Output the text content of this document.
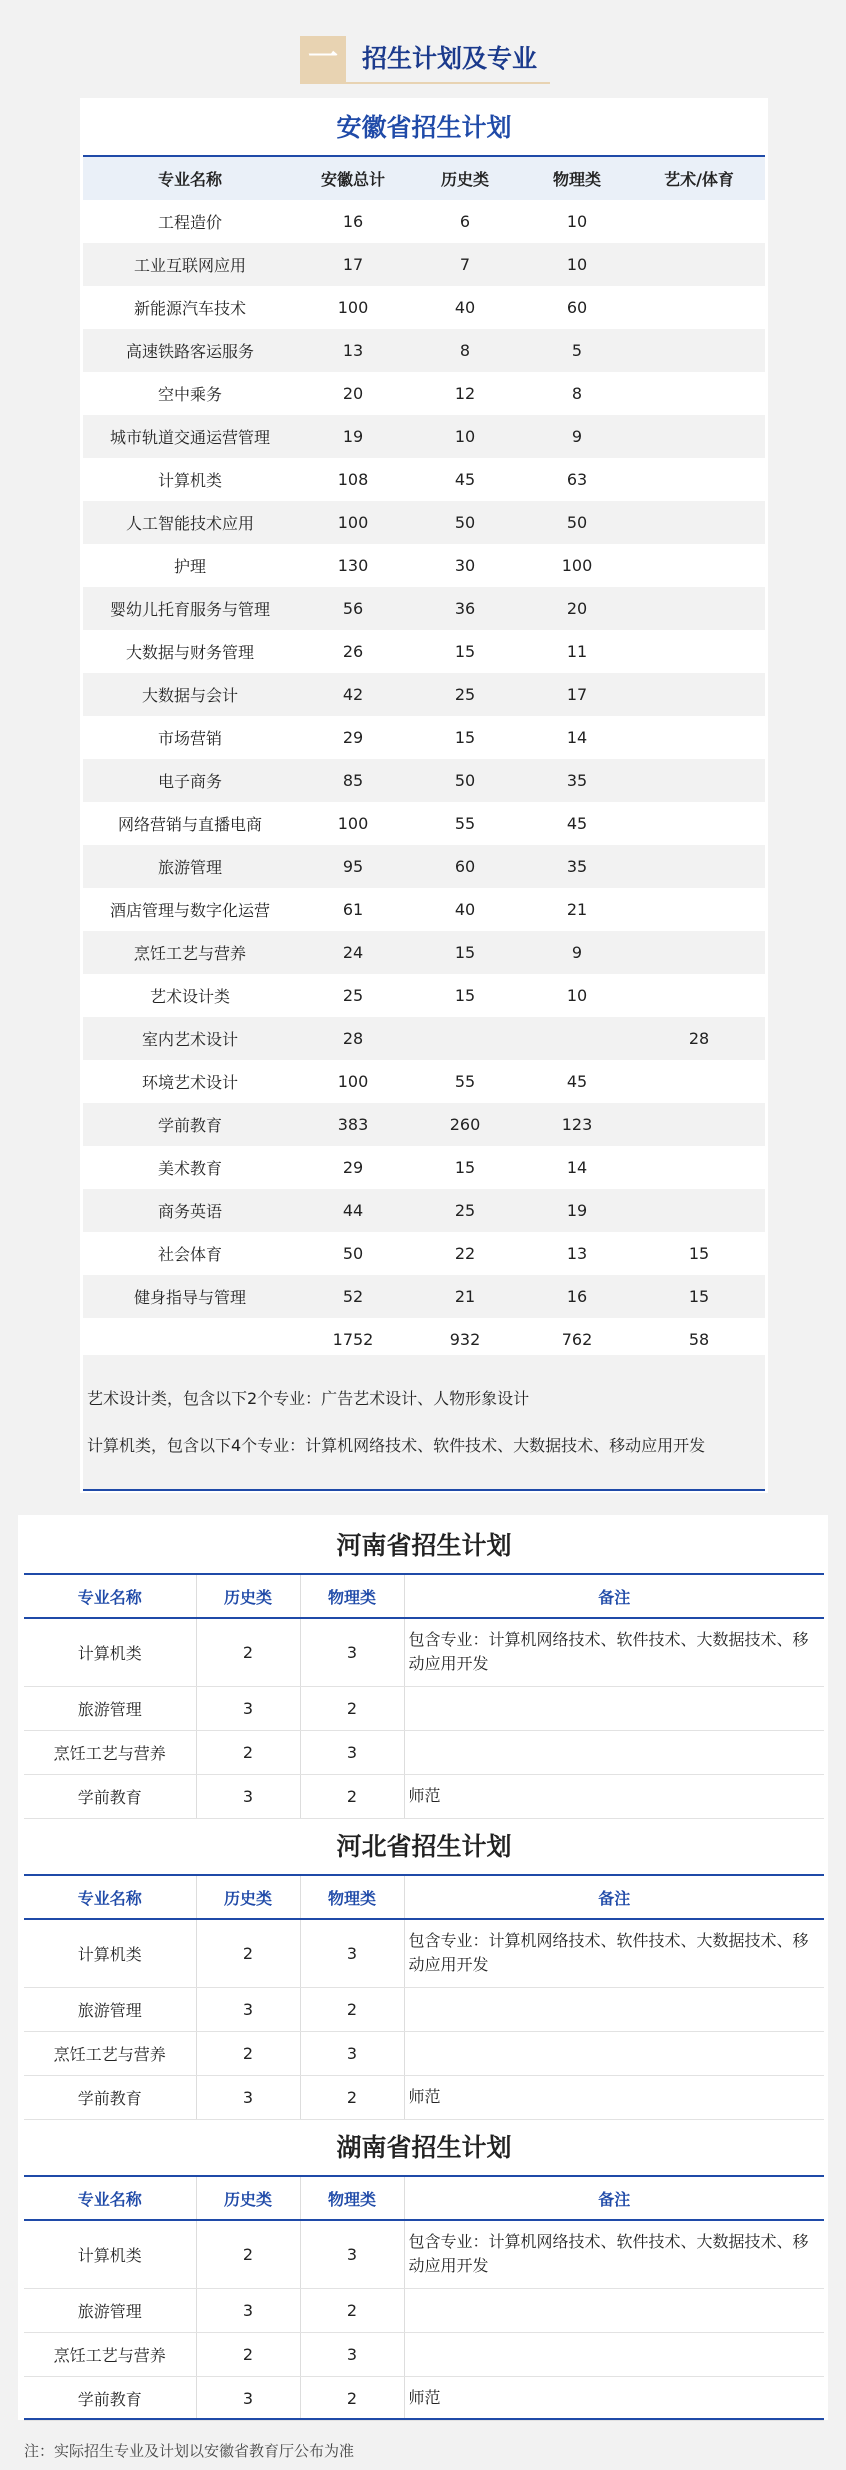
一 招生计划及专业
安徽省招生计划
专业名称	安徽总计	历史类	物理类	艺术/体育
工程造价	16	6	10	
工业互联网应用	17	7	10	
新能源汽车技术	100	40	60	
高速铁路客运服务	13	8	5	
空中乘务	20	12	8	
城市轨道交通运营管理	19	10	9	
计算机类	108	45	63	
人工智能技术应用	100	50	50	
护理	130	30	100	
婴幼儿托育服务与管理	56	36	20	
大数据与财务管理	26	15	11	
大数据与会计	42	25	17	
市场营销	29	15	14	
电子商务	85	50	35	
网络营销与直播电商	100	55	45	
旅游管理	95	60	35	
酒店管理与数字化运营	61	40	21	
烹饪工艺与营养	24	15	9	
艺术设计类	25	15	10	
室内艺术设计	28			28
环境艺术设计	100	55	45	
学前教育	383	260	123	
美术教育	29	15	14	
商务英语	44	25	19	
社会体育	50	22	13	15
健身指导与管理	52	21	16	15
	1752	932	762	58

艺术设计类，包含以下2个专业：广告艺术设计、人物形象设计

计算机类，包含以下4个专业：计算机网络技术、软件技术、大数据技术、移动应用开发

河南省招生计划
专业名称	历史类	物理类	备注
计算机类	2	3	包含专业：计算机网络技术、软件技术、大数据技术、移动应用开发
旅游管理	3	2	
烹饪工艺与营养	2	3	
学前教育	3	2	师范
河北省招生计划
专业名称	历史类	物理类	备注
计算机类	2	3	包含专业：计算机网络技术、软件技术、大数据技术、移动应用开发
旅游管理	3	2	
烹饪工艺与营养	2	3	
学前教育	3	2	师范
湖南省招生计划
专业名称	历史类	物理类	备注
计算机类	2	3	包含专业：计算机网络技术、软件技术、大数据技术、移动应用开发
旅游管理	3	2	
烹饪工艺与营养	2	3	
学前教育	3	2	师范
注：实际招生专业及计划以安徽省教育厅公布为准
